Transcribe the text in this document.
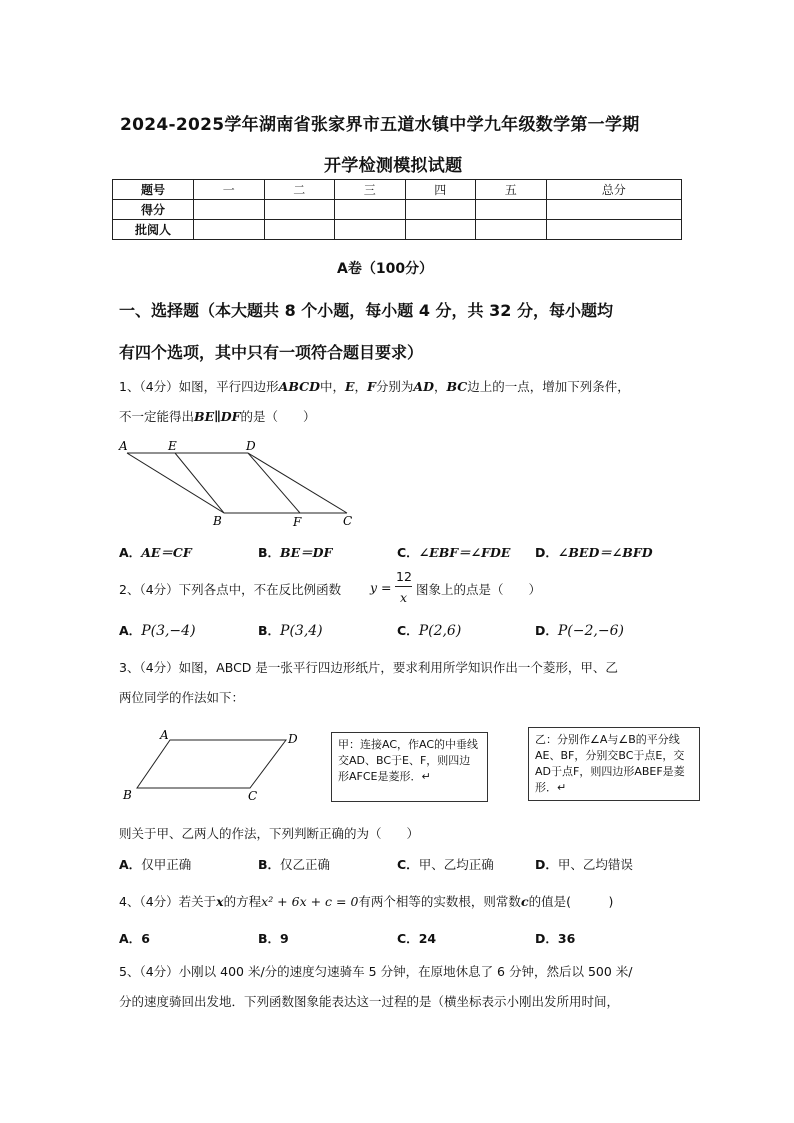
2024-2025学年湖南省张家界市五道水镇中学九年级数学第一学期
开学检测模拟试题
题号	一	二	三	四	五	总分
得分						
批阅人						
A卷（100分）
一、选择题（本大题共 8 个小题，每小题 4 分，共 32 分，每小题均
有四个选项，其中只有一项符合题目要求）
1、（4分）如图，平行四边形ABCD中，E，F分别为AD，BC边上的一点，增加下列条件，
不一定能得出BE∥DF的是（　　）
A	E	D
B	F	C
A．AE＝CF	B．BE＝DF	C．∠EBF＝∠FDE D．∠BED＝∠BFD
2、（4分）下列各点中，不在反比例函数 y =
12
x
图象上的点是（　　）
A．P(3,−4)	B．P(3,4)	C．P(2,6)	D．P(−2,−6)
3、（4分）如图，ABCD 是一张平行四边形纸片，要求利用所学知识作出一个菱形，甲、乙
两位同学的作法如下：
A	D
B	C
甲：连接AC，作AC的中垂线交AD、BC于E、F，则四边形AFCE是菱形．↵
乙：分别作∠A与∠B的平分线AE、BF，分别交BC于点E，交AD于点F，则四边形ABEF是菱形．↵
则关于甲、乙两人的作法，下列判断正确的为（　　）
A．仅甲正确	B．仅乙正确	C．甲、乙均正确	D．甲、乙均错误
4、（4分）若关于x的方程x² + 6x + c = 0有两个相等的实数根，则常数c的值是(　　　)
A．6	B．9	C．24	D．36
5、（4分）小刚以 400 米/分的速度匀速骑车 5 分钟，在原地休息了 6 分钟，然后以 500 米/
分的速度骑回出发地．下列函数图象能表达这一过程的是（横坐标表示小刚出发所用时间，
